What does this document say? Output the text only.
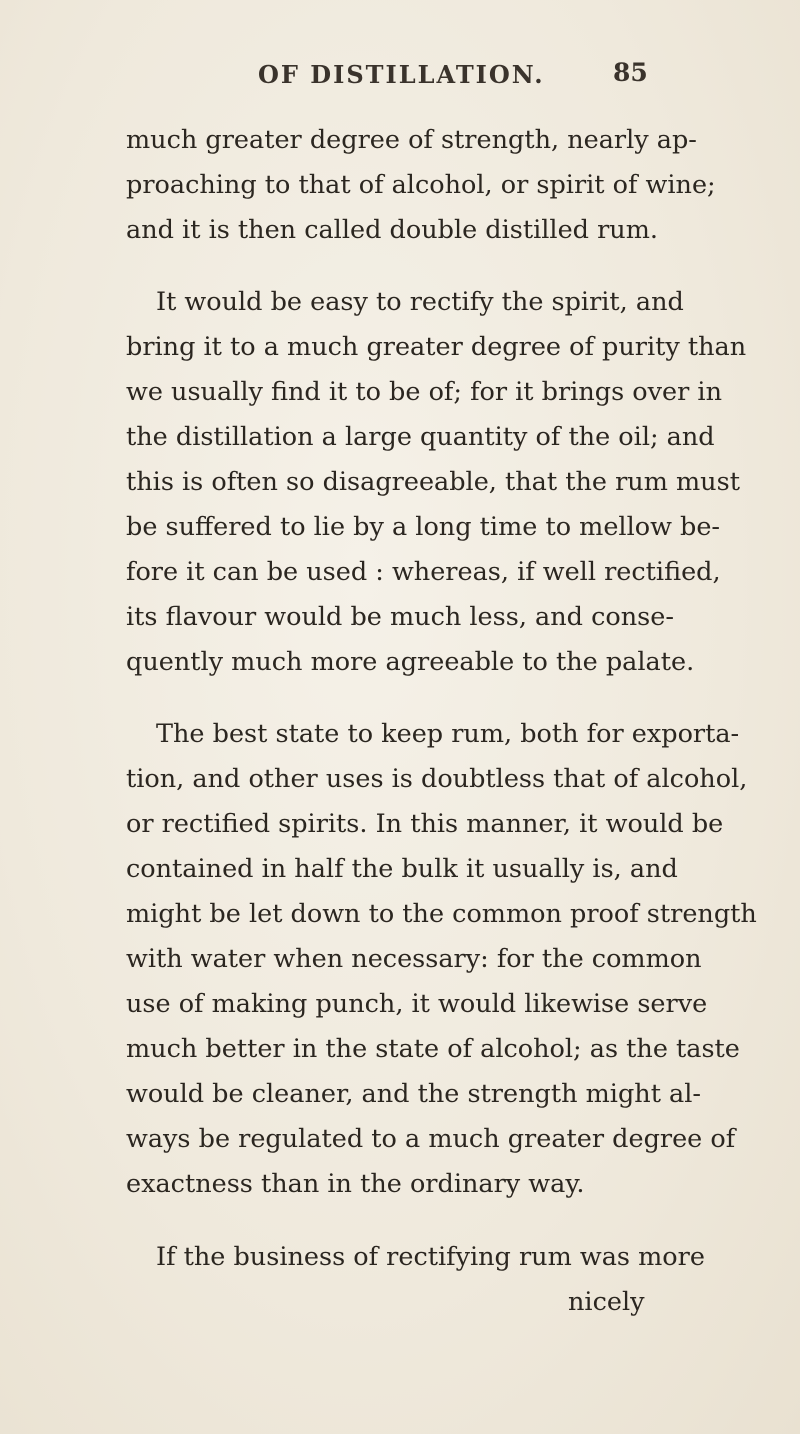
OF DISTILLATION.	85
much greater degree of strength, nearly ap-
proaching to that of alcohol, or spirit of wine;
and it is then called double distilled rum.
It would be easy to rectify the spirit, and
bring it to a much greater degree of purity than
we usually find it to be of; for it brings over in
the distillation a large quantity of the oil; and
this is often so disagreeable, that the rum must
be suffered to lie by a long time to mellow be-
fore it can be used : whereas, if well rectified,
its flavour would be much less, and conse-
quently much more agreeable to the palate.
The best state to keep rum, both for exporta-
tion, and other uses is doubtless that of alcohol,
or rectified spirits. In this manner, it would be
contained in half the bulk it usually is, and
might be let down to the common proof strength
with water when necessary: for the common
use of making punch, it would likewise serve
much better in the state of alcohol; as the taste
would be cleaner, and the strength might al-
ways be regulated to a much greater degree of
exactness than in the ordinary way.
If the business of rectifying rum was more
nicely
